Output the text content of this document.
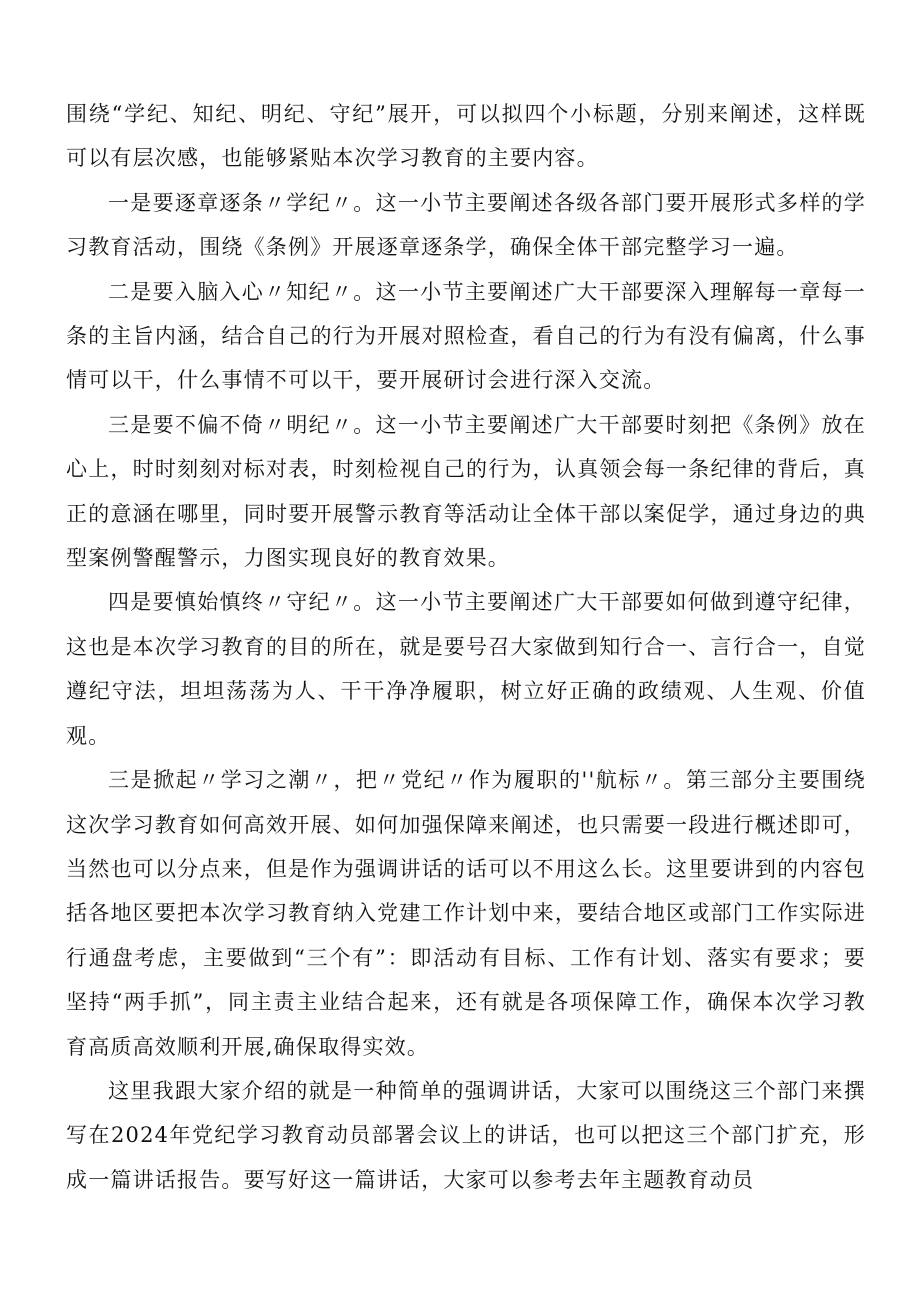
围绕“学纪、知纪、明纪、守纪”展开，可以拟四个小标题，分别来阐述，这样既可以有层次感，也能够紧贴本次学习教育的主要内容。

一是要逐章逐条〃学纪〃。这一小节主要阐述各级各部门要开展形式多样的学习教育活动，围绕《条例》开展逐章逐条学，确保全体干部完整学习一遍。

二是要入脑入心〃知纪〃。这一小节主要阐述广大干部要深入理解每一章每一条的主旨内涵，结合自己的行为开展对照检查，看自己的行为有没有偏离，什么事情可以干，什么事情不可以干，要开展研讨会进行深入交流。

三是要不偏不倚〃明纪〃。这一小节主要阐述广大干部要时刻把《条例》放在心上，时时刻刻对标对表，时刻检视自己的行为，认真领会每一条纪律的背后，真正的意涵在哪里，同时要开展警示教育等活动让全体干部以案促学，通过身边的典型案例警醒警示，力图实现良好的教育效果。

四是要慎始慎终〃守纪〃。这一小节主要阐述广大干部要如何做到遵守纪律，这也是本次学习教育的目的所在，就是要号召大家做到知行合一、言行合一，自觉遵纪守法，坦坦荡荡为人、干干净净履职，树立好正确的政绩观、人生观、价值观。

三是掀起〃学习之潮〃，把〃党纪〃作为履职的''航标〃。第三部分主要围绕这次学习教育如何高效开展、如何加强保障来阐述，也只需要一段进行概述即可，当然也可以分点来，但是作为强调讲话的话可以不用这么长。这里要讲到的内容包括各地区要把本次学习教育纳入党建工作计划中来，要结合地区或部门工作实际进行通盘考虑，主要做到“三个有”：即活动有目标、工作有计划、落实有要求；要坚持“两手抓”，同主责主业结合起来，还有就是各项保障工作，确保本次学习教育高质高效顺利开展,确保取得实效。

这里我跟大家介绍的就是一种简单的强调讲话，大家可以围绕这三个部门来撰写在2024年党纪学习教育动员部署会议上的讲话，也可以把这三个部门扩充，形成一篇讲话报告。要写好这一篇讲话，大家可以参考去年主题教育动员
